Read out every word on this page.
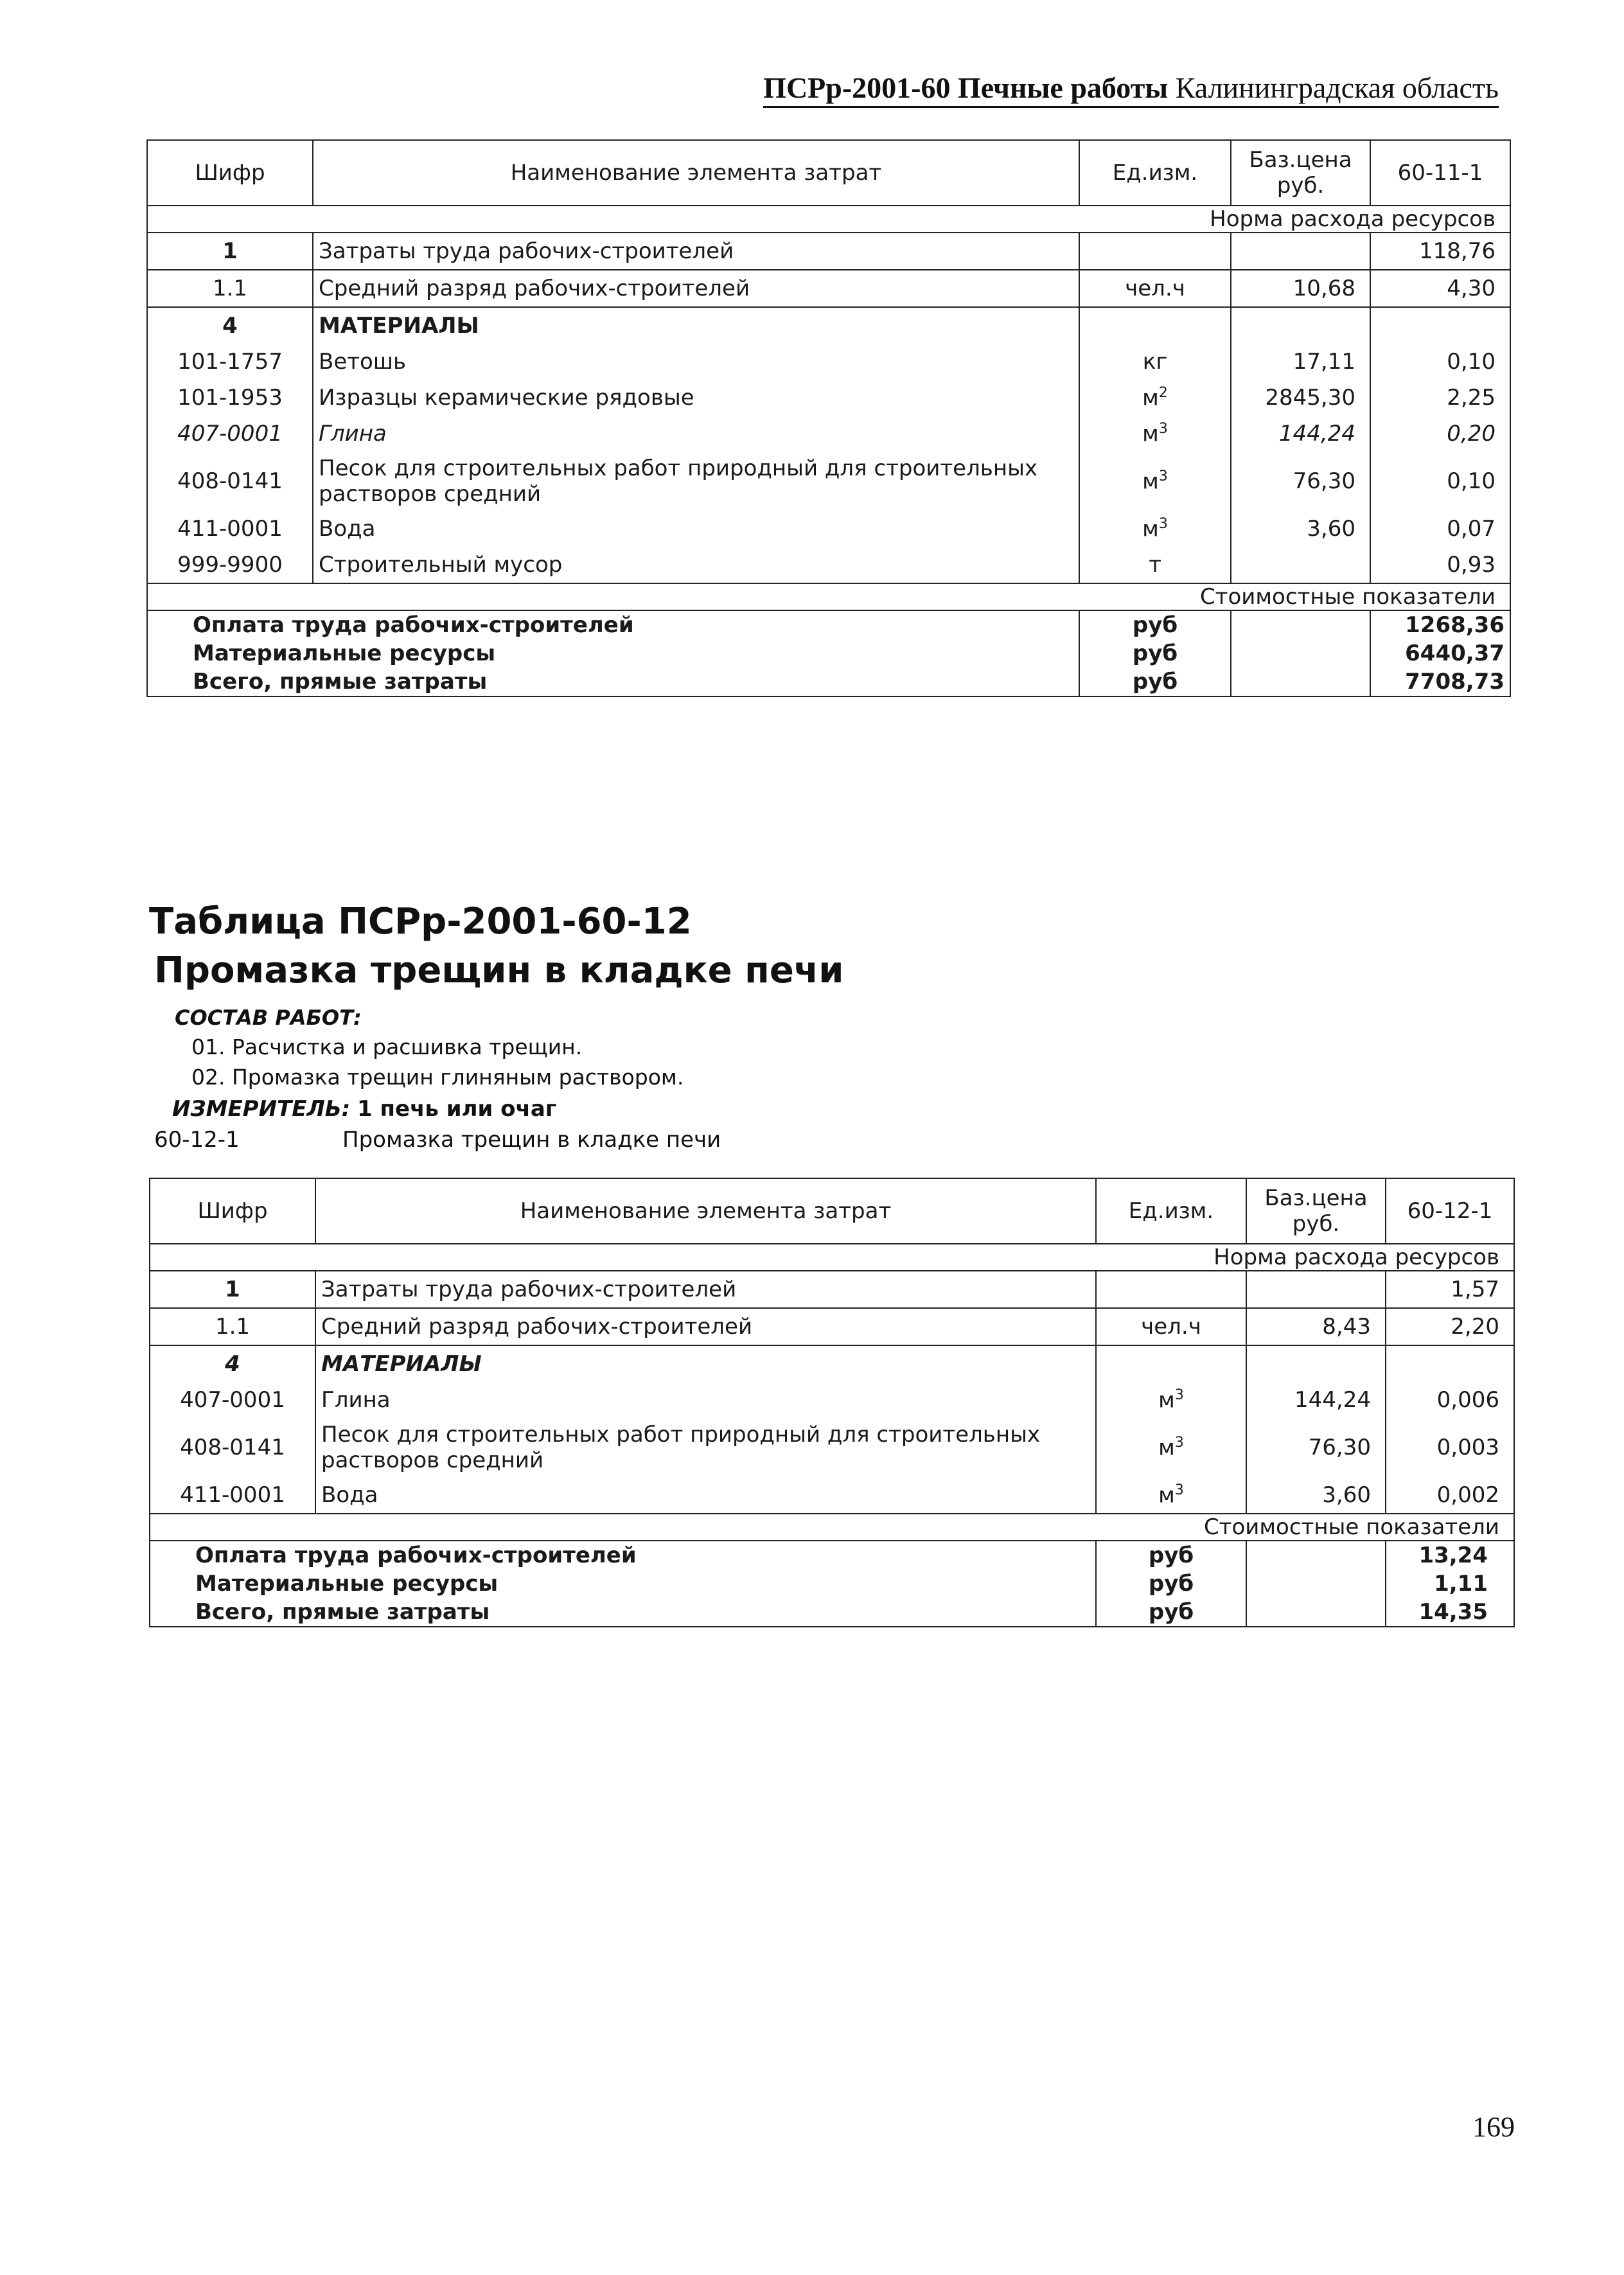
ПСРр-2001-60 Печные работы Калининградская область
Шифр	Наименование элемента затрат	Ед.изм.	Баз.цена руб.	60-11-1
Норма расхода ресурсов				
1	Затраты труда рабочих-строителей			118,76
1.1	Средний разряд рабочих-строителей	чел.ч	10,68	4,30
4	МАТЕРИАЛЫ			
101-1757	Ветошь	кг	17,11	0,10
101-1953	Изразцы керамические рядовые	$м^2$	2845,30	2,25
407-0001	Глина	$м^3$	144,24	0,20
408-0141	Песок для строительных работ природный для строительных растворов средний	$м^3$	76,30	0,10
411-0001	Вода	$м^3$	3,60	0,07
999-9900	Строительный мусор	т		0,93
Стоимостные показатели				
Оплата труда рабочих-строителей		руб		1268,36
Материальные ресурсы		руб		6440,37
Всего, прямые затраты		руб		7708,73
Таблица ПСРр-2001-60-12
Промазка трещин в кладке печи
СОСТАВ РАБОТ:
01. Расчистка и расшивка трещин.
02. Промазка трещин глиняным раствором.
ИЗМЕРИТЕЛЬ: 1 печь или очаг
60-12-1	Промазка трещин в кладке печи
Шифр	Наименование элемента затрат	Ед.изм.	Баз.цена руб.	60-12-1
Норма расхода ресурсов				
1	Затраты труда рабочих-строителей			1,57
1.1	Средний разряд рабочих-строителей	чел.ч	8,43	2,20
4	МАТЕРИАЛЫ			
407-0001	Глина	$м^3$	144,24	0,006
408-0141	Песок для строительных работ природный для строительных растворов средний	$м^3$	76,30	0,003
411-0001	Вода	$м^3$	3,60	0,002
Стоимостные показатели				
Оплата труда рабочих-строителей		руб		13,24
Материальные ресурсы		руб		1,11
Всего, прямые затраты		руб		14,35
169
